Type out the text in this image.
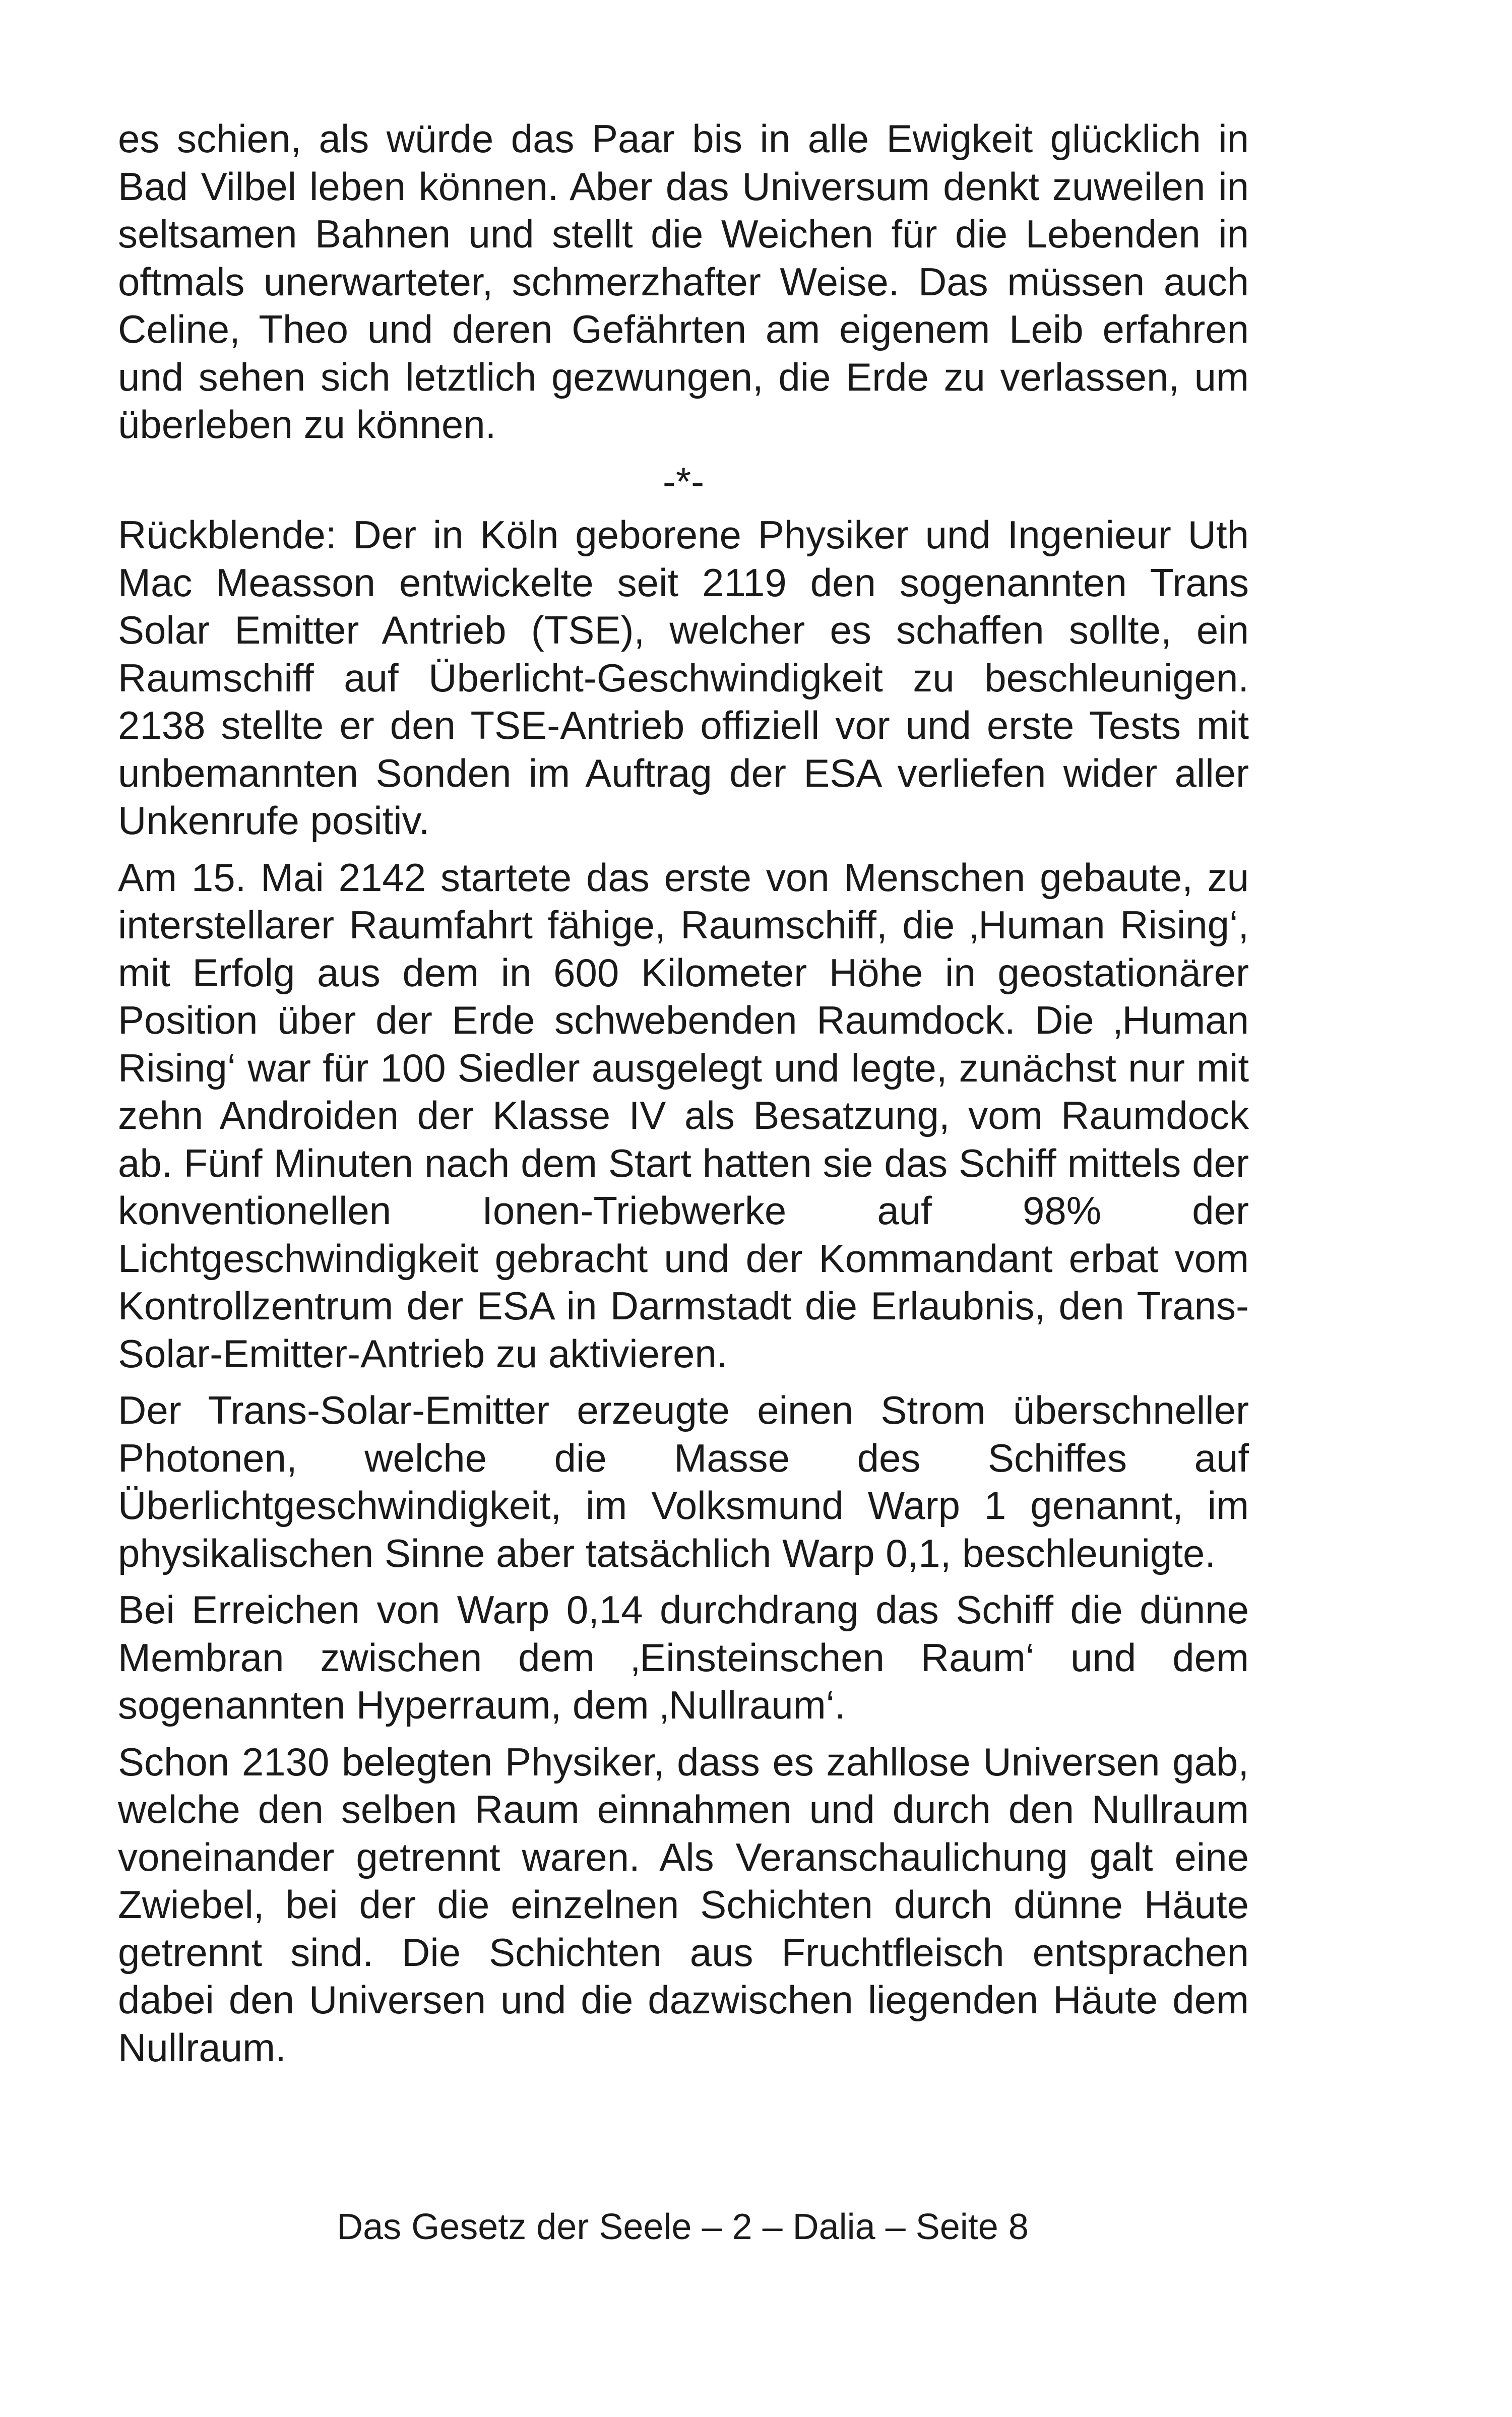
es schien, als würde das Paar bis in alle Ewigkeit glücklich in Bad Vilbel leben können. Aber das Universum denkt zuweilen in seltsamen Bahnen und stellt die Weichen für die Lebenden in oftmals unerwarteter, schmerzhafter Weise. Das müssen auch Celine, Theo und deren Gefährten am eigenem Leib erfahren und sehen sich letztlich gezwungen, die Erde zu verlassen, um überleben zu können.

-*-

Rückblende: Der in Köln geborene Physiker und Ingenieur Uth Mac Measson entwickelte seit 2119 den sogenannten Trans Solar Emitter Antrieb (TSE), welcher es schaffen sollte, ein Raumschiff auf Überlicht-Geschwindigkeit zu beschleunigen. 2138 stellte er den TSE-Antrieb offiziell vor und erste Tests mit unbemannten Sonden im Auftrag der ESA verliefen wider aller Unkenrufe positiv.

Am 15. Mai 2142 startete das erste von Menschen gebaute, zu interstellarer Raumfahrt fähige, Raumschiff, die ‚Human Rising‘, mit Erfolg aus dem in 600 Kilometer Höhe in geostationärer Position über der Erde schwebenden Raumdock. Die ‚Human Rising‘ war für 100 Siedler ausgelegt und legte, zunächst nur mit zehn Androiden der Klasse IV als Besatzung, vom Raumdock ab. Fünf Minuten nach dem Start hatten sie das Schiff mittels der konventionellen Ionen-Triebwerke auf 98% der Lichtgeschwindigkeit gebracht und der Kommandant erbat vom Kontrollzentrum der ESA in Darmstadt die Erlaubnis, den Trans-Solar-Emitter-Antrieb zu aktivieren.

Der Trans-Solar-Emitter erzeugte einen Strom überschneller Photonen, welche die Masse des Schiffes auf Überlichtgeschwindigkeit, im Volksmund Warp 1 genannt, im physikalischen Sinne aber tatsächlich Warp 0,1, beschleunigte.

Bei Erreichen von Warp 0,14 durchdrang das Schiff die dünne Membran zwischen dem ‚Einsteinschen Raum‘ und dem sogenannten Hyperraum, dem ‚Nullraum‘.

Schon 2130 belegten Physiker, dass es zahllose Universen gab, welche den selben Raum einnahmen und durch den Nullraum voneinander getrennt waren. Als Veranschaulichung galt eine Zwiebel, bei der die einzelnen Schichten durch dünne Häute getrennt sind. Die Schichten aus Fruchtfleisch entsprachen dabei den Universen und die dazwischen liegenden Häute dem Nullraum.

Das Gesetz der Seele – 2 – Dalia – Seite 8
